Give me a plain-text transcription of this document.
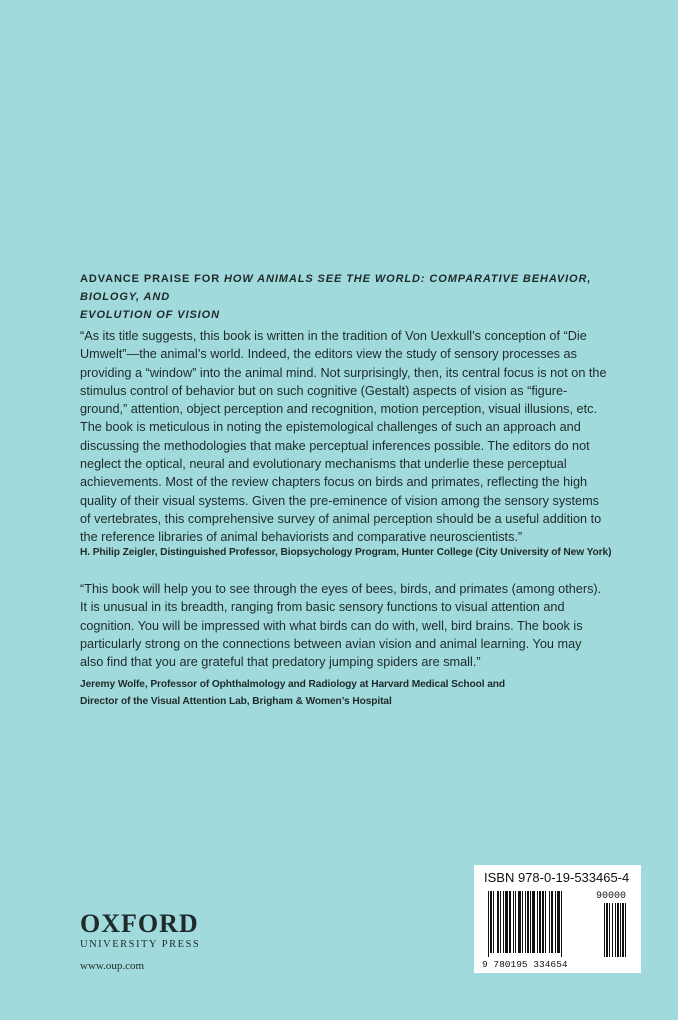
ADVANCE PRAISE FOR HOW ANIMALS SEE THE WORLD: COMPARATIVE BEHAVIOR, BIOLOGY, AND
EVOLUTION OF VISION

“As its title suggests, this book is written in the tradition of Von Uexkull’s conception of “Die Umwelt”—the animal’s world. Indeed, the editors view the study of sensory processes as providing a “window” into the animal mind. Not surprisingly, then, its central focus is not on the stimulus control of behavior but on such cognitive (Gestalt) aspects of vision as “figure-ground,” attention, object perception and recognition, motion perception, visual illusions, etc. The book is meticulous in noting the epistemological challenges of such an approach and discussing the methodologies that make perceptual inferences possible. The editors do not neglect the optical, neural and evolutionary mechanisms that underlie these perceptual achievements. Most of the review chapters focus on birds and primates, reflecting the high quality of their visual systems. Given the pre-eminence of vision among the sensory systems of vertebrates, this comprehensive survey of animal perception should be a useful addition to the reference libraries of animal behaviorists and comparative neuroscientists.”

H. Philip Zeigler, Distinguished Professor, Biopsychology Program, Hunter College (City University of New York)

“This book will help you to see through the eyes of bees, birds, and primates (among others). It is unusual in its breadth, ranging from basic sensory functions to visual attention and cognition. You will be impressed with what birds can do with, well, bird brains. The book is particularly strong on the connections between avian vision and animal learning. You may also find that you are grateful that predatory jumping spiders are small.”

Jeremy Wolfe, Professor of Ophthalmology and Radiology at Harvard Medical School and
Director of the Visual Attention Lab, Brigham & Women’s Hospital
OXFORD
UNIVERSITY PRESS
www.oup.com
ISBN 978-0-19-533465-4
90000
9 780195 334654
